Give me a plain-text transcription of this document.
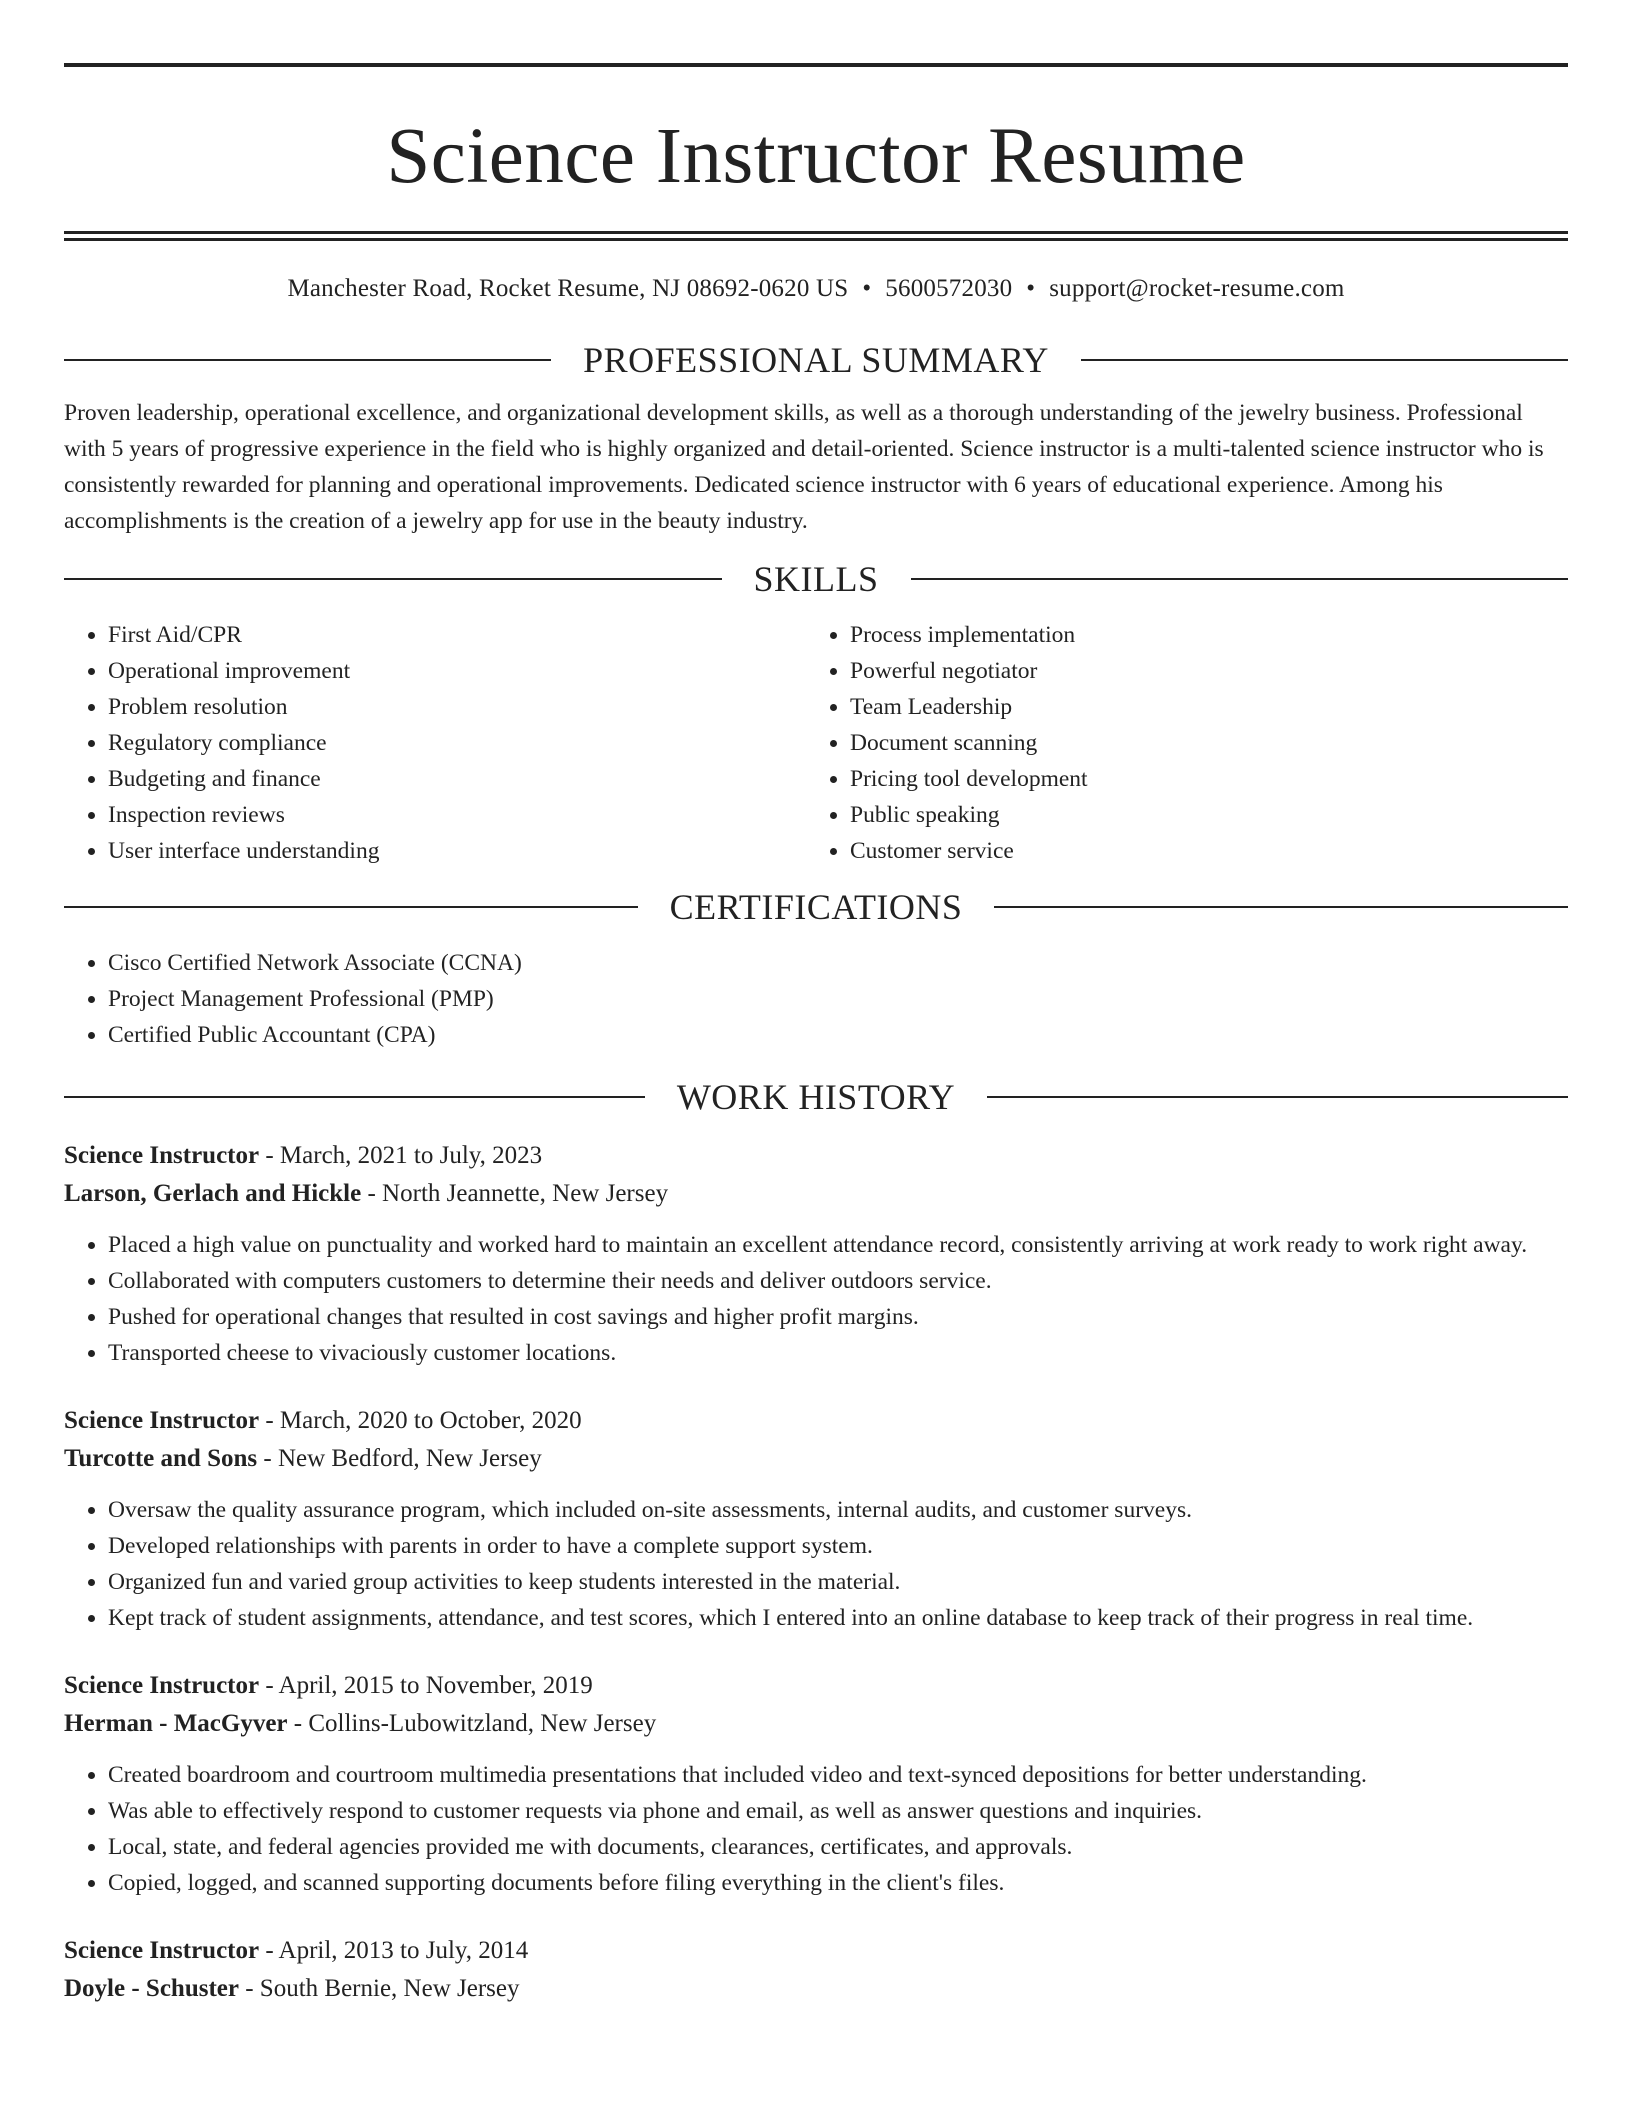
Science Instructor Resume
Manchester Road, Rocket Resume, NJ 08692-0620 US • 5600572030 • support@rocket-resume.com
PROFESSIONAL SUMMARY

Proven leadership, operational excellence, and organizational development skills, as well as a thorough understanding of the jewelry business. Professional with 5 years of progressive experience in the field who is highly organized and detail-oriented. Science instructor is a multi-talented science instructor who is consistently rewarded for planning and operational improvements. Dedicated science instructor with 6 years of educational experience. Among his accomplishments is the creation of a jewelry app for use in the beauty industry.

SKILLS
• First Aid/CPR
• Operational improvement
• Problem resolution
• Regulatory compliance
• Budgeting and finance
• Inspection reviews
• User interface understanding
• Process implementation
• Powerful negotiator
• Team Leadership
• Document scanning
• Pricing tool development
• Public speaking
• Customer service
CERTIFICATIONS
• Cisco Certified Network Associate (CCNA)
• Project Management Professional (PMP)
• Certified Public Accountant (CPA)
WORK HISTORY
Science Instructor - March, 2021 to July, 2023
Larson, Gerlach and Hickle - North Jeannette, New Jersey
• Placed a high value on punctuality and worked hard to maintain an excellent attendance record, consistently arriving at work ready to work right away.
• Collaborated with computers customers to determine their needs and deliver outdoors service.
• Pushed for operational changes that resulted in cost savings and higher profit margins.
• Transported cheese to vivaciously customer locations.
Science Instructor - March, 2020 to October, 2020
Turcotte and Sons - New Bedford, New Jersey
• Oversaw the quality assurance program, which included on-site assessments, internal audits, and customer surveys.
• Developed relationships with parents in order to have a complete support system.
• Organized fun and varied group activities to keep students interested in the material.
• Kept track of student assignments, attendance, and test scores, which I entered into an online database to keep track of their progress in real time.
Science Instructor - April, 2015 to November, 2019
Herman - MacGyver - Collins-Lubowitzland, New Jersey
• Created boardroom and courtroom multimedia presentations that included video and text-synced depositions for better understanding.
• Was able to effectively respond to customer requests via phone and email, as well as answer questions and inquiries.
• Local, state, and federal agencies provided me with documents, clearances, certificates, and approvals.
• Copied, logged, and scanned supporting documents before filing everything in the client's files.
Science Instructor - April, 2013 to July, 2014
Doyle - Schuster - South Bernie, New Jersey
